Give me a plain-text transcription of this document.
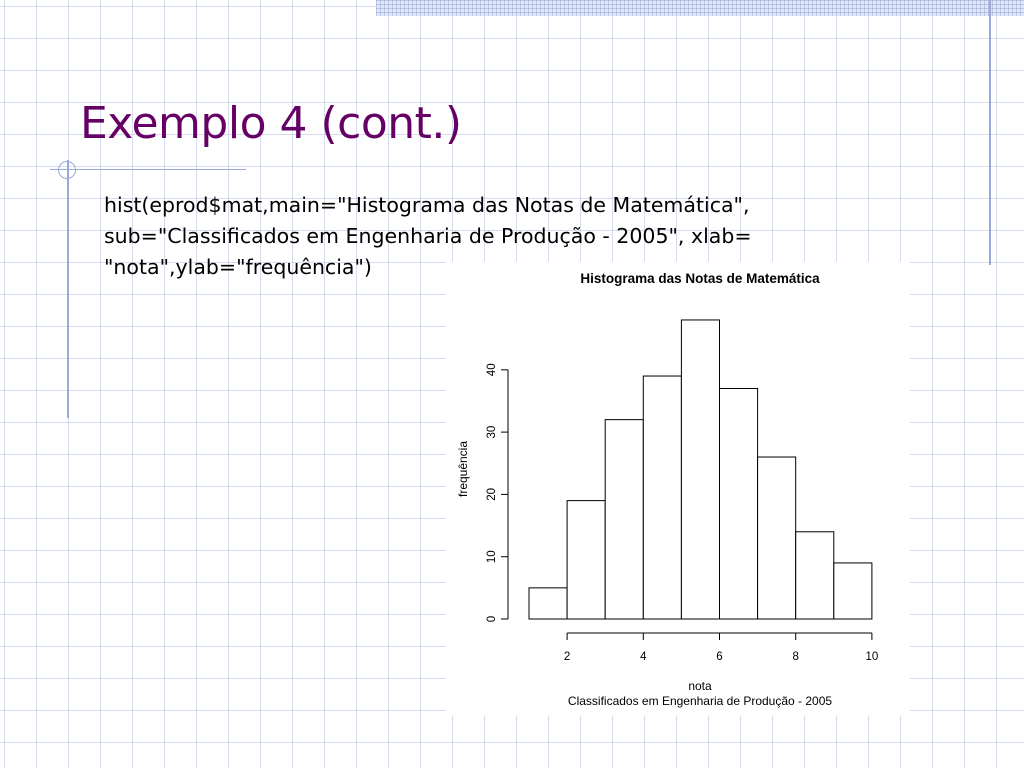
Exemplo 4 (cont.)
hist(eprod$mat,main="Histograma das Notas de Matemática",
sub="Classificados em Engenharia de Produção - 2005", xlab=
"nota",ylab="frequência")	Histograma das Notas de Matemática
0
10
20
30
40
2	4	6	8	10
nota
Classificados em Engenharia de Produção - 2005
frequência
